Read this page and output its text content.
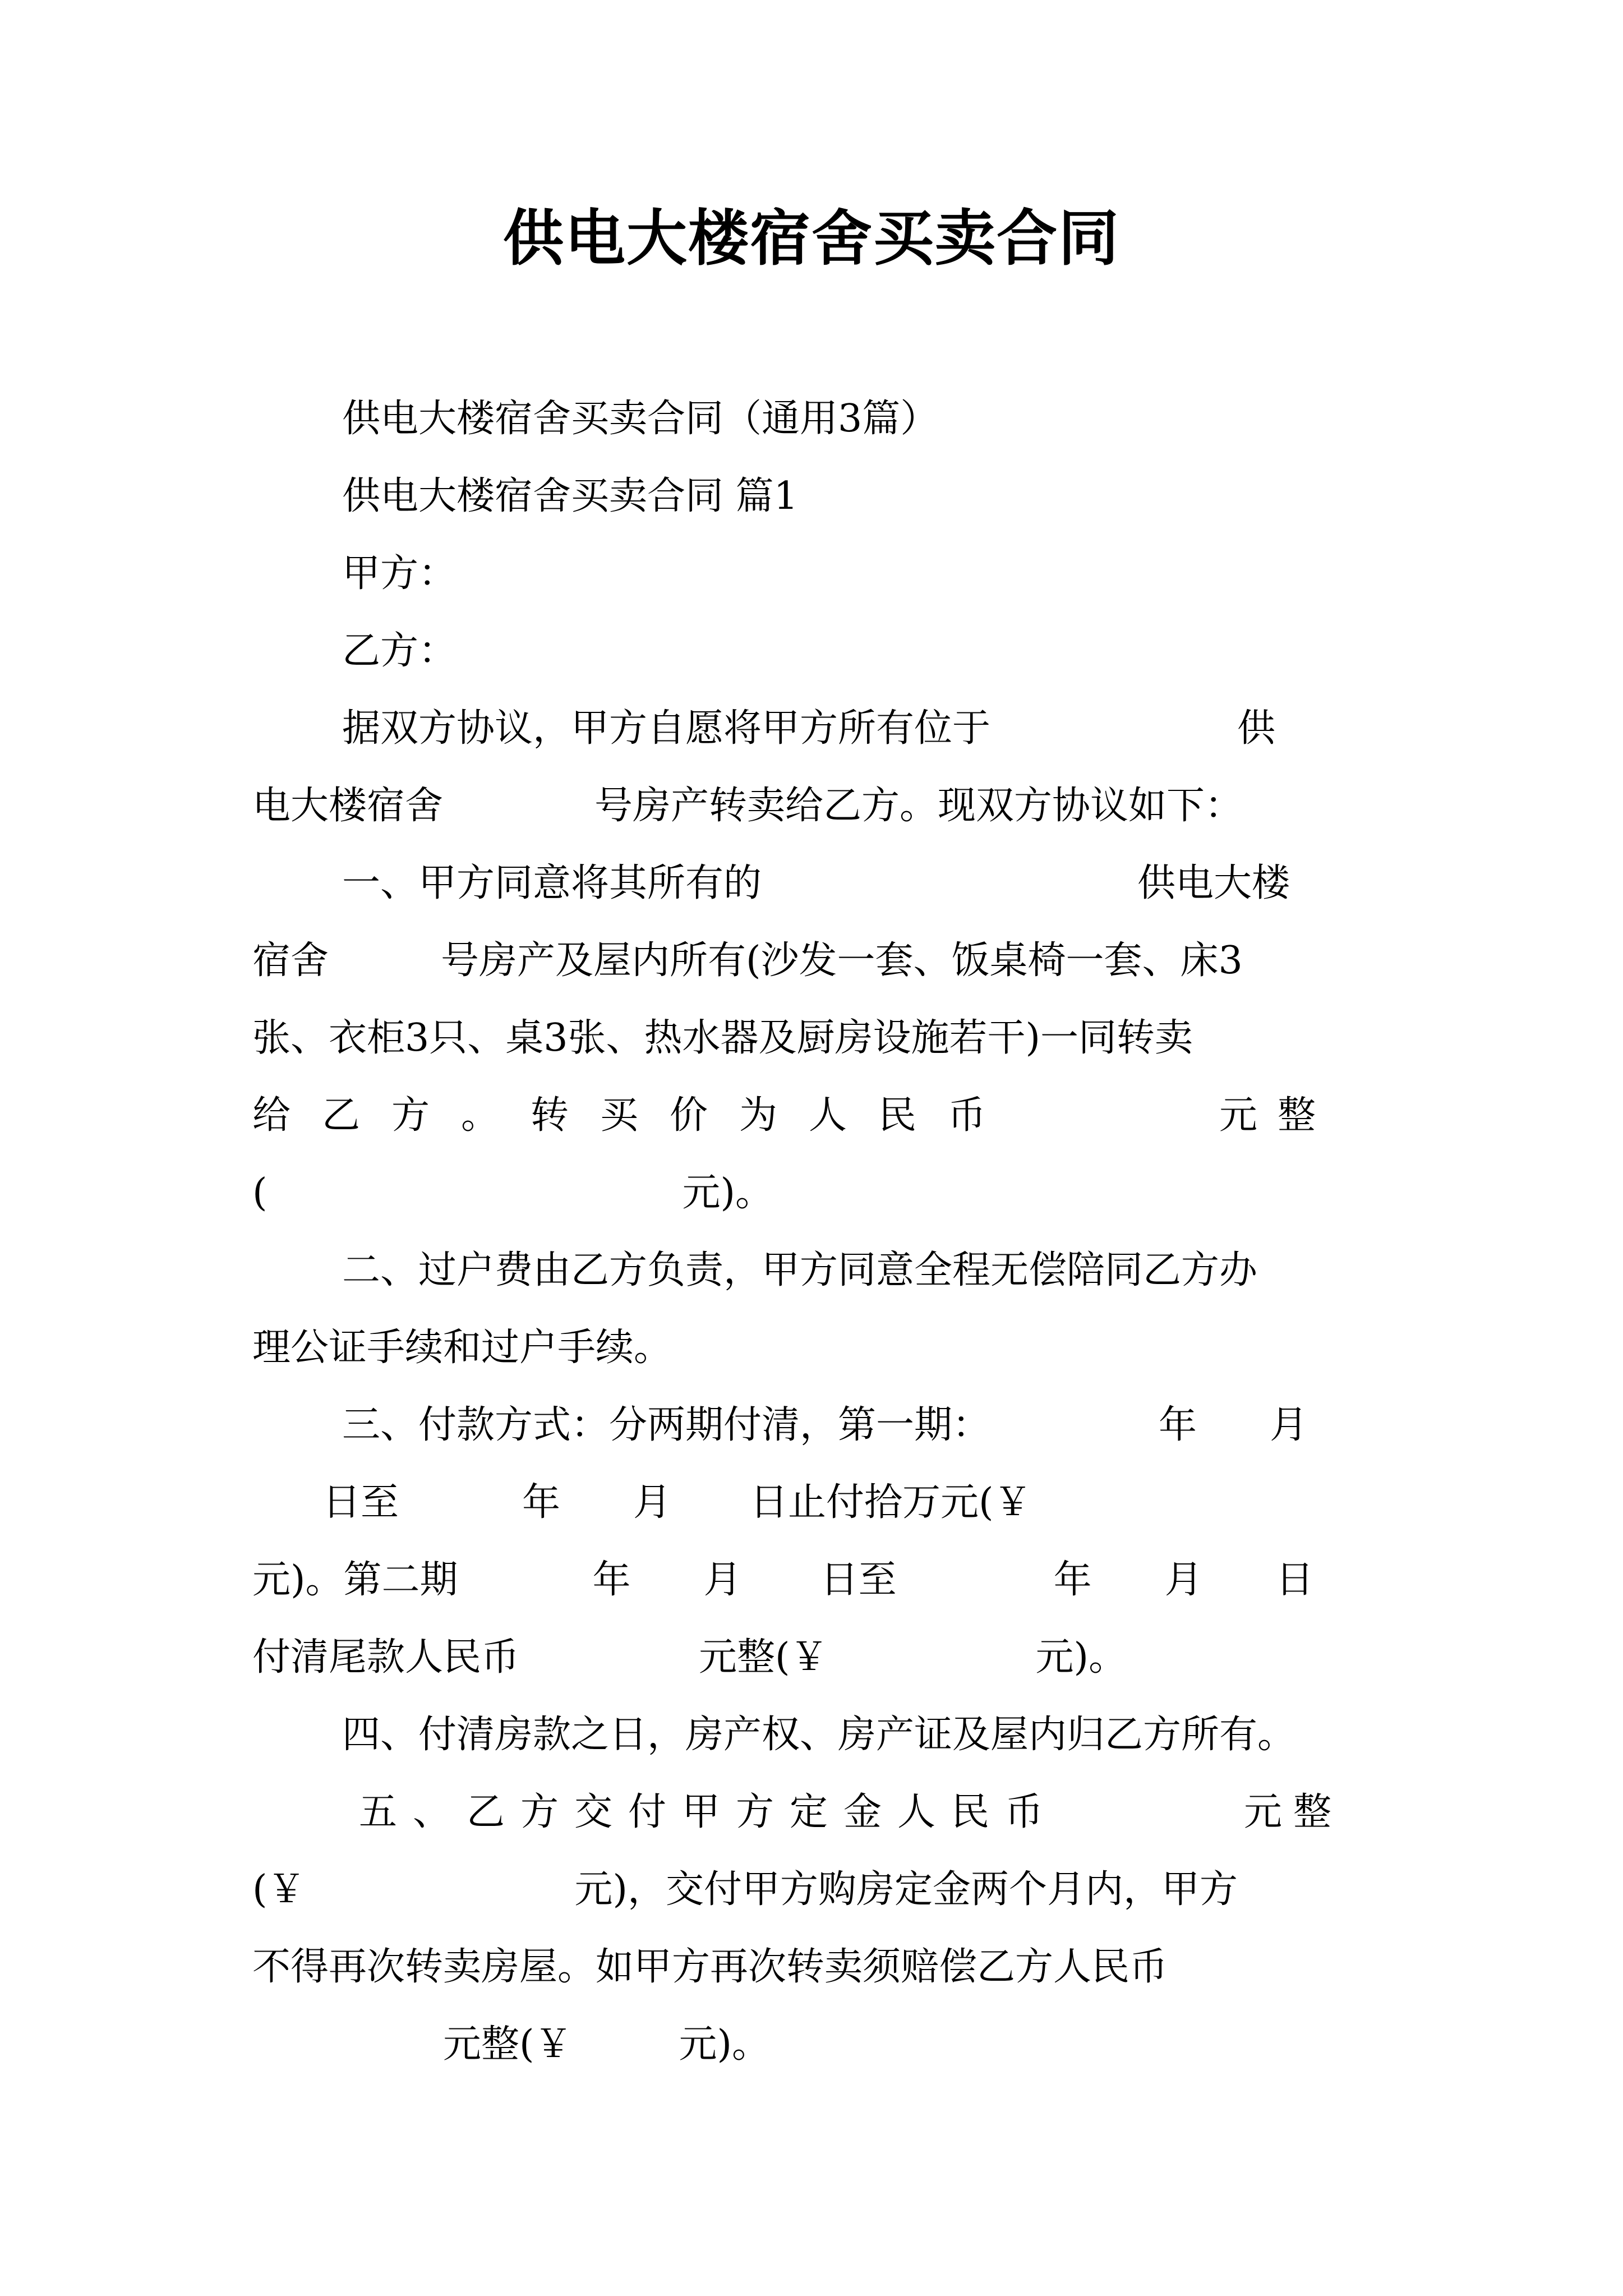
供电大楼宿舍买卖合同
供电大楼宿舍买卖合同（通用3篇）
供电大楼宿舍买卖合同 篇1
甲方：
乙方：
据双方协议，甲方自愿将甲方所有位于	供
电大楼宿舍	号房产转卖给乙方。现双方协议如下：
一、甲方同意将其所有的	供电大楼
宿舍	号房产及屋内所有(沙发一套、饭桌椅一套、床3
张、衣柜3只、桌3张、热水器及厨房设施若干)一同转卖
给乙方。转买价为人民币	元整
(	元)。
二、过户费由乙方负责，甲方同意全程无偿陪同乙方办
理公证手续和过户手续。
三、付款方式：分两期付清，第一期：	年 月
日至	年 月 日止付拾万元(￥
元)。第二期	年 月 日至	年 月 日
付清尾款人民币	元整(￥	元)。
四、付清房款之日，房产权、房产证及屋内归乙方所有。
五、乙方交付甲方定金人民币	元整
(￥	元)，交付甲方购房定金两个月内，甲方
不得再次转卖房屋。如甲方再次转卖须赔偿乙方人民币
元整(￥	元)。
